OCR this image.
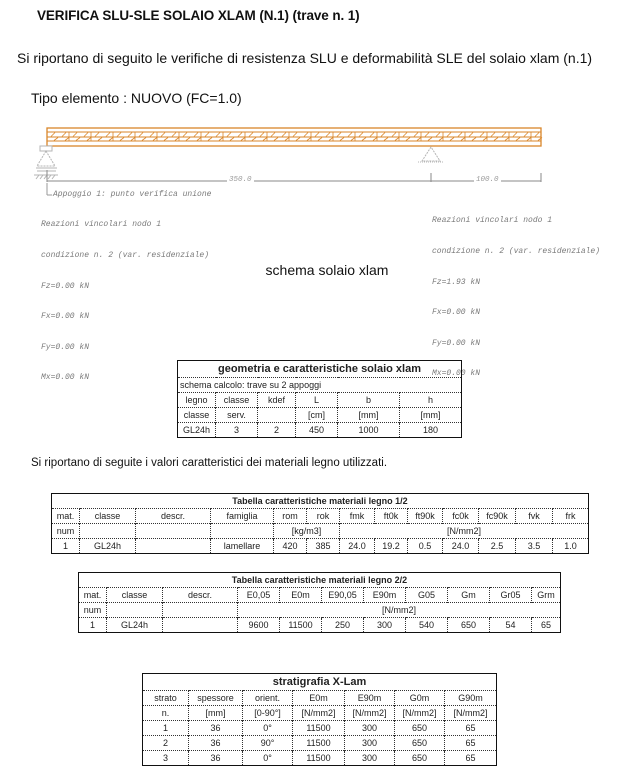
VERIFICA SLU-SLE SOLAIO XLAM (N.1) (trave n. 1)
Si riportano di seguito le verifiche di resistenza SLU e deformabilità SLE del solaio xlam (n.1)
Tipo elemento : NUOVO (FC=1.0)
350.0	100.0
Appoggio 1: punto verifica unione

Reazioni vincolari nodo 1

condizione n. 2 (var. residenziale)

Fz=0.00 kN

Fx=0.00 kN

Fy=0.00 kN

Mx=0.00 kN

Reazioni vincolari nodo 1

condizione n. 2 (var. residenziale)

Fz=1.93 kN

Fx=0.00 kN

Fy=0.00 kN

Mx=0.00 kN

schema solaio xlam
geometria e caratteristiche solaio xlam					
schema calcolo: trave su 2 appoggi					
legno	classe	kdef	L	b	h
classe	serv.		[cm]	[mm]	[mm]
GL24h	3	2	450	1000	180
Si riportano di seguite i valori caratteristici dei materiali legno utilizzati.
Tabella caratteristiche materiali legno 1/2												
mat.	classe	descr.	famiglia	rom	rok	fmk	ft0k	ft90k	fc0k	fc90k	fvk	frk
num				[kg/m3]		[N/mm2]						
1	GL24h		lamellare	420	385	24.0	19.2	0.5	24.0	2.5	3.5	1.0
Tabella caratteristiche materiali legno 2/2										
mat.	classe	descr.	E0,05	E0m	E90,05	E90m	G05	Gm	Gr05	Grm
num			[N/mm2]							
1	GL24h		9600	11500	250	300	540	650	54	65
stratigrafia X-Lam						
strato	spessore	orient.	E0m	E90m	G0m	G90m
n.	[mm]	[0-90°]	[N/mm2]	[N/mm2]	[N/mm2]	[N/mm2]
1	36	0°	11500	300	650	65
2	36	90°	11500	300	650	65
3	36	0°	11500	300	650	65
